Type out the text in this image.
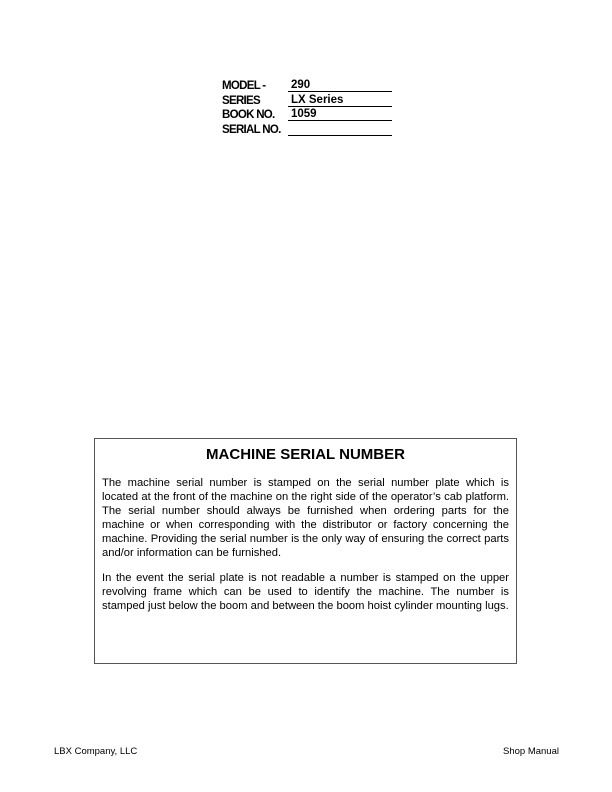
MODEL - 290
SERIES	LX Series
BOOK NO. 1059
SERIAL NO.
MACHINE SERIAL NUMBER

The machine serial number is stamped on the serial number plate which is located at the front of the machine on the right side of the operator’s cab platform. The serial number should always be furnished when ordering parts for the machine or when corresponding with the distributor or factory concerning the machine. Providing the serial number is the only way of ensuring the correct parts and/or information can be furnished.

In the event the serial plate is not readable a number is stamped on the upper revolving frame which can be used to identify the machine. The number is stamped just below the boom and between the boom hoist cylinder mounting lugs.

LBX Company, LLC	Shop Manual
